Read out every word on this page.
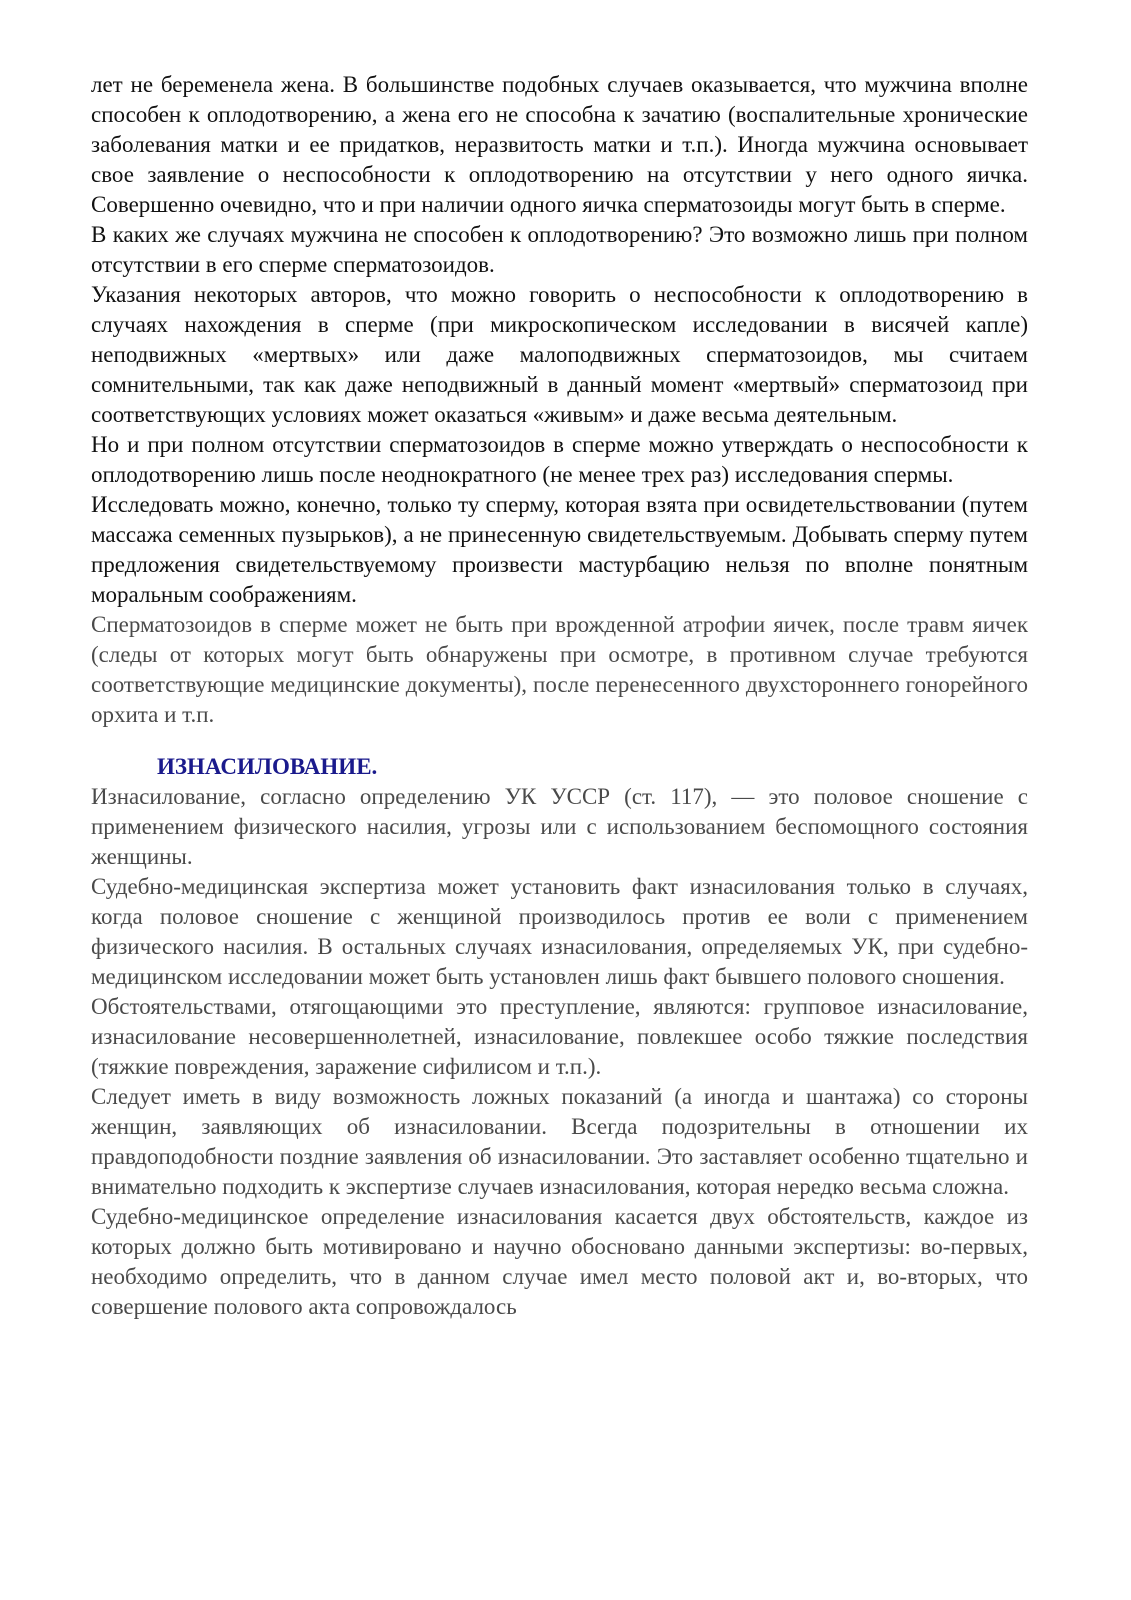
лет не беременела жена. В большинстве подобных случаев оказывается, что мужчина вполне способен к оплодотворению, а жена его не способна к зачатию (воспалительные хронические заболевания матки и ее придатков, неразвитость матки и т.п.). Иногда мужчина основывает свое заявление о неспособности к оплодотворению на отсутствии у него одного яичка. Совершенно очевидно, что и при наличии одного яичка сперматозоиды могут быть в сперме.

В каких же случаях мужчина не способен к оплодотворению? Это возможно лишь при полном отсутствии в его сперме сперматозоидов.

Указания некоторых авторов, что можно говорить о неспособности к оплодотворению в случаях нахождения в сперме (при микроскопическом исследовании в висячей капле) неподвижных «мертвых» или даже малоподвижных сперматозоидов, мы считаем сомнительными, так как даже неподвижный в данный момент «мертвый» сперматозоид при соответствующих условиях может оказаться «живым» и даже весьма деятельным.

Но и при полном отсутствии сперматозоидов в сперме можно утверждать о неспособности к оплодотворению лишь после неоднократного (не менее трех раз) исследования спермы.

Исследовать можно, конечно, только ту сперму, которая взята при освидетельствовании (путем массажа семенных пузырьков), а не принесенную свидетельствуемым. Добывать сперму путем предложения свидетельствуемому произвести мастурбацию нельзя по вполне понятным моральным соображениям.

Сперматозоидов в сперме может не быть при врожденной атрофии яичек, после травм яичек (следы от которых могут быть обнаружены при осмотре, в противном случае требуются соответствующие медицинские документы), после перенесенного двухстороннего гонорейного орхита и т.п.

ИЗНАСИЛОВАНИЕ.

Изнасилование, согласно определению УК УССР (ст. 117), — это половое сношение с применением физического насилия, угрозы или с использованием беспомощного состояния женщины.

Судебно-медицинская экспертиза может установить факт изнасилования только в случаях, когда половое сношение с женщиной производилось против ее воли с применением физического насилия. В остальных случаях изнасилования, определяемых УК, при судебно-медицинском исследовании может быть установлен лишь факт бывшего полового сношения.

Обстоятельствами, отягощающими это преступление, являются: групповое изнасилование, изнасилование несовершеннолетней, изнасилование, повлекшее особо тяжкие последствия (тяжкие повреждения, заражение сифилисом и т.п.).

Следует иметь в виду возможность ложных показаний (а иногда и шантажа) со стороны женщин, заявляющих об изнасиловании. Всегда подозрительны в отношении их правдоподобности поздние заявления об изнасиловании. Это заставляет особенно тщательно и внимательно подходить к экспертизе случаев изнасилования, которая нередко весьма сложна.

Судебно-медицинское определение изнасилования касается двух обстоятельств, каждое из которых должно быть мотивировано и научно обосновано данными экспертизы: во-первых, необходимо определить, что в данном случае имел место половой акт и, во-вторых, что совершение полового акта сопровождалось
